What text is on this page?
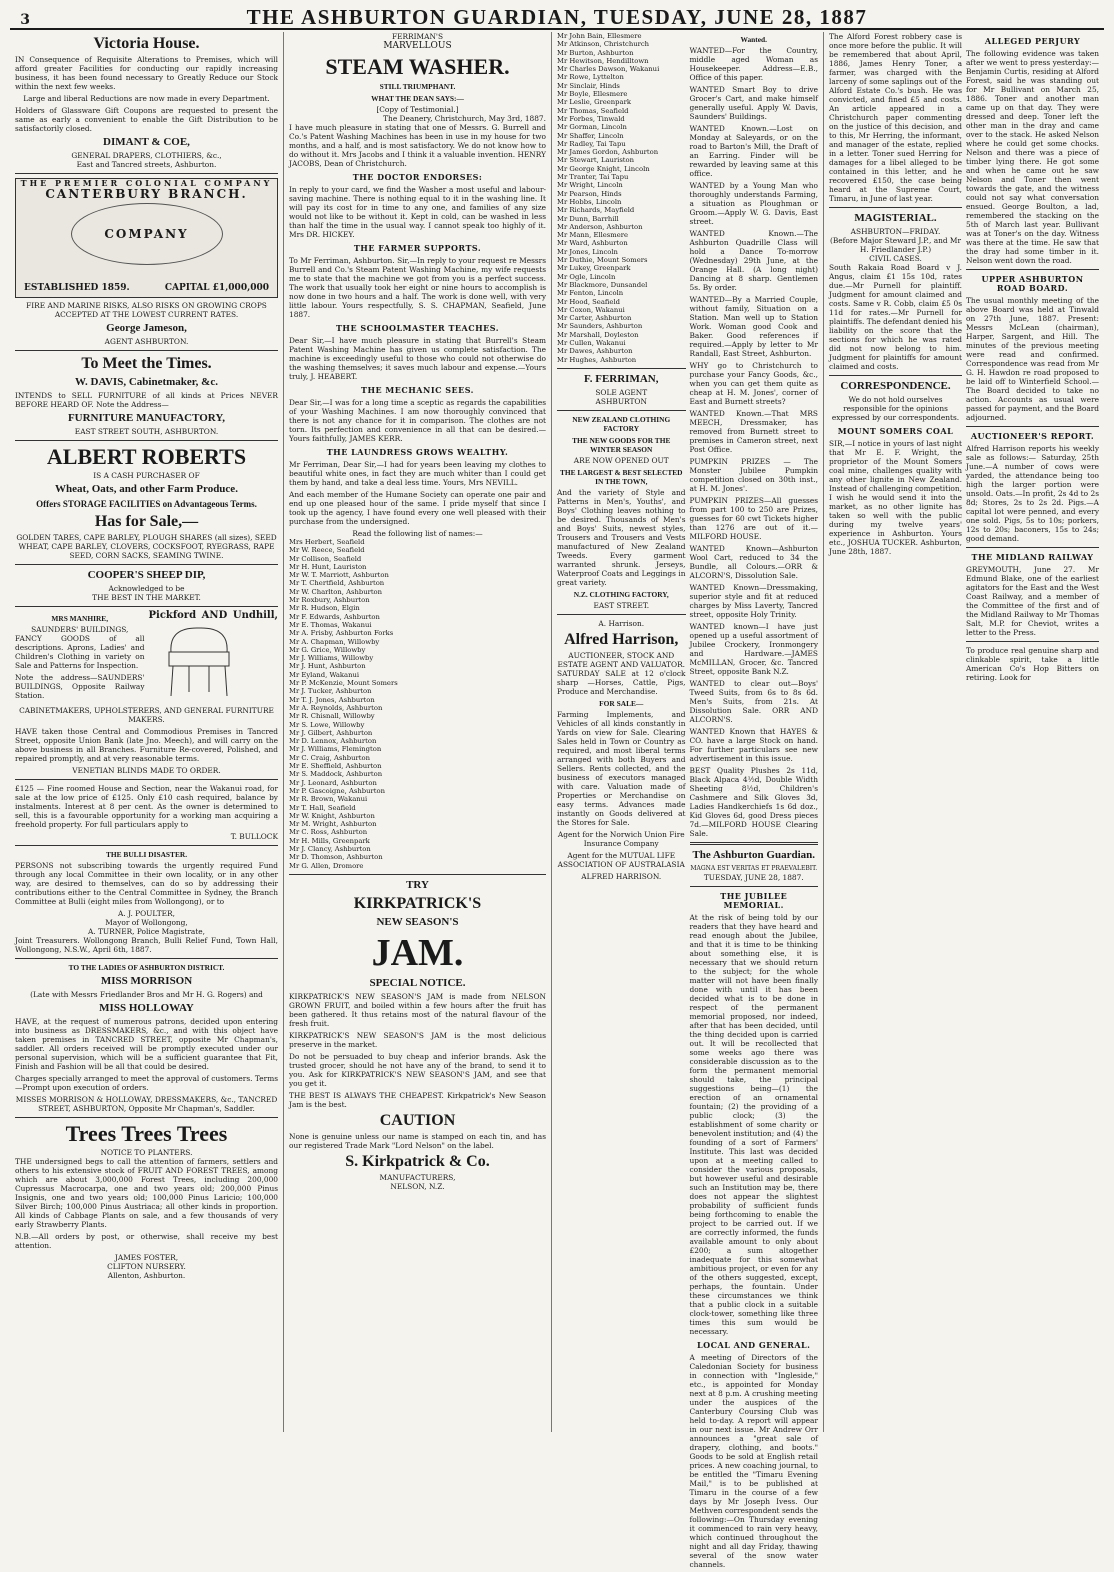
3	THE ASHBURTON GUARDIAN, TUESDAY, JUNE 28, 1887
Victoria House.

IN Consequence of Requisite Alterations to Premises, which will afford greater Facilities for conducting our rapidly increasing business, it has been found necessary to Greatly Reduce our Stock within the next few weeks.

Large and liberal Reductions are now made in every Department.

Holders of Glassware Gift Coupons are requested to present the same as early a convenient to enable the Gift Distribution to be satisfactorily closed.

DIMANT & COE,
GENERAL DRAPERS, CLOTHIERS, &c.,
East and Tancred streets, Ashburton.
THE PREMIER COLONIAL COMPANY
CANTERBURY BRANCH.
COMPANY
ESTABLISHED 1859.	CAPITAL £1,000,000

FIRE AND MARINE RISKS, ALSO RISKS ON GROWING CROPS ACCEPTED AT THE LOWEST CURRENT RATES.

George Jameson,
AGENT ASHBURTON.
To Meet the Times.
W. DAVIS, Cabinetmaker, &c.

INTENDS to SELL FURNITURE of all kinds at Prices NEVER BEFORE HEARD OF. Note the Address—

FURNITURE MANUFACTORY,
EAST STREET SOUTH, ASHBURTON.
ALBERT ROBERTS
IS A CASH PURCHASER OF
Wheat, Oats, and other Farm Produce.
Offers STORAGE FACILITIES on Advantageous Terms.
Has for Sale,—

GOLDEN TARES, CAPE BARLEY, PLOUGH SHARES (all sizes), SEED WHEAT, CAPE BARLEY, CLOVERS, COCKSFOOT, RYEGRASS, RAPE SEED, CORN SACKS, SEAMING TWINE.

COOPER'S SHEEP DIP,
Acknowledged to be
THE BEST IN THE MARKET.
MRS MANHIRE,
SAUNDERS' BUILDINGS,

FANCY GOODS of all descriptions. Aprons, Ladies' and Children's Clothing in variety on Sale and Patterns for Inspection.

Note the address—SAUNDERS' BUILDINGS, Opposite Railway Station.

Pickford AND Undhill,

CABINETMAKERS, UPHOLSTERERS, AND GENERAL FURNITURE MAKERS.

HAVE taken those Central and Commodious Premises in Tancred Street, opposite Union Bank (late Jno. Meech), and will carry on the above business in all Branches. Furniture Re-covered, Polished, and repaired promptly, and at very reasonable terms.

VENETIAN BLINDS MADE TO ORDER.

£125 — Fine roomed House and Section, near the Wakanui road, for sale at the low price of £125. Only £10 cash required, balance by instalments. Interest at 8 per cent. As the owner is determined to sell, this is a favourable opportunity for a working man acquiring a freehold property. For full particulars apply to

T. BULLOCK
THE BULLI DISASTER.

PERSONS not subscribing towards the urgently required Fund through any local Committee in their own locality, or in any other way, are desired to themselves, can do so by addressing their contributions either to the Central Committee in Sydney, the Branch Committee at Bulli (eight miles from Wollongong), or to

A. J. POULTER,
Mayor of Wollongong,
A. TURNER, Police Magistrate,

Joint Treasurers. Wollongong Branch, Bulli Relief Fund, Town Hall, Wollongong, N.S.W., April 6th, 1887.

TO THE LADIES OF ASHBURTON DISTRICT.
MISS MORRISON
(Late with Messrs Friedlander Bros and Mr H. G. Rogers) and
MISS HOLLOWAY

HAVE, at the request of numerous patrons, decided upon entering into business as DRESSMAKERS, &c., and with this object have taken premises in TANCRED STREET, opposite Mr Chapman's, saddler. All orders received will be promptly executed under our personal supervision, which will be a sufficient guarantee that Fit, Finish and Fashion will be all that could be desired.

Charges specially arranged to meet the approval of customers. Terms—Prompt upon execution of orders.

MISSES MORRISON & HOLLOWAY, DRESSMAKERS, &c., TANCRED STREET, ASHBURTON, Opposite Mr Chapman's, Saddler.

Trees Trees Trees
NOTICE TO PLANTERS.

THE undersigned begs to call the attention of farmers, settlers and others to his extensive stock of FRUIT AND FOREST TREES, among which are about 3,000,000 Forest Trees, including 200,000 Cupressus Macrocarpa, one and two years old; 200,000 Pinus Insignis, one and two years old; 100,000 Pinus Laricio; 100,000 Silver Birch; 100,000 Pinus Austriaca; all other kinds in proportion. All kinds of Cabbage Plants on sale, and a few thousands of very early Strawberry Plants.

N.B.—All orders by post, or otherwise, shall receive my best attention.

JAMES FOSTER,
CLIFTON NURSERY.
Allenton, Ashburton.
FERRIMAN'S
MARVELLOUS
STEAM WASHER.
STILL TRIUMPHANT.
WHAT THE DEAN SAYS:—
[Copy of Testimonial.]
The Deanery, Christchurch, May 3rd, 1887.

I have much pleasure in stating that one of Messrs. G. Burrell and Co.'s Patent Washing Machines has been in use in my house for two months, and a half, and is most satisfactory. We do not know how to do without it. Mrs Jacobs and I think it a valuable invention. HENRY JACOBS, Dean of Christchurch.

THE DOCTOR ENDORSES:

In reply to your card, we find the Washer a most useful and labour-saving machine. There is nothing equal to it in the washing line. It will pay its cost for in time to any one, and families of any size would not like to be without it. Kept in cold, can be washed in less than half the time in the usual way. I cannot speak too highly of it. Mrs DR. HICKEY.

THE FARMER SUPPORTS.

To Mr Ferriman, Ashburton. Sir,—In reply to your request re Messrs Burrell and Co.'s Steam Patent Washing Machine, my wife requests me to state that the machine we got from you is a perfect success. The work that usually took her eight or nine hours to accomplish is now done in two hours and a half. The work is done well, with very little labour. Yours respectfully, S. S. CHAPMAN, Seafield, June 1887.

THE SCHOOLMASTER TEACHES.

Dear Sir,—I have much pleasure in stating that Burrell's Steam Patent Washing Machine has given us complete satisfaction. The machine is exceedingly useful to those who could not otherwise do the washing themselves; it saves much labour and expense.—Yours truly, J. HEABERT.

THE MECHANIC SEES.

Dear Sir,—I was for a long time a sceptic as regards the capabilities of your Washing Machines. I am now thoroughly convinced that there is not any chance for it in comparison. The clothes are not torn. Its perfection and convenience in all that can be desired.—Yours faithfully, JAMES KERR.

THE LAUNDRESS GROWS WEALTHY.

Mr Ferriman, Dear Sir,—I had for years been leaving my clothes to beautiful white ones, in fact they are much whiter than I could get them by hand, and take a deal less time. Yours, Mrs NEVILL.

And each member of the Humane Society can operate one pair and end up one pleased hour of the same. I pride myself that since I took up the agency, I have found every one well pleased with their purchase from the undersigned.

Read the following list of names:—
Mrs Herbert, Seafield
Mr W. Reece, Seafield
Mr Collison, Seafield
Mr H. Hunt, Lauriston
Mr W. T. Marriott, Ashburton
Mr T. Chertfield, Ashburton
Mr W. Charlton, Ashburton
Mr Roxbury, Ashburton
Mr R. Hudson, Elgin
Mr F. Edwards, Ashburton
Mr E. Thomas, Wakanui
Mr A. Frisby, Ashburton Forks
Mr A. Chapman, Willowby
Mr G. Grice, Willowby
Mr J. Williams, Willowby
Mr J. Hunt, Ashburton
Mr Eyland, Wakanui
Mr P. McKenzie, Mount Somers
Mr J. Tucker, Ashburton
Mr T. J. Jones, Ashburton
Mr A. Reynolds, Ashburton
Mr R. Chisnall, Willowby
Mr S. Lowe, Willowby
Mr J. Gilbert, Ashburton
Mr D. Lennox, Ashburton
Mr J. Williams, Flemington
Mr C. Craig, Ashburton
Mr E. Sheffield, Ashburton
Mr S. Maddock, Ashburton
Mr J. Leonard, Ashburton
Mr P. Gascoigne, Ashburton
Mr R. Brown, Wakanui
Mr T. Hall, Seafield
Mr W. Knight, Ashburton
Mr M. Wright, Ashburton
Mr C. Ross, Ashburton
Mr H. Mills, Greenpark
Mr J. Clancy, Ashburton
Mr D. Thomson, Ashburton
Mr G. Allen, Dromore
TRY
KIRKPATRICK'S
NEW SEASON'S
JAM.
SPECIAL NOTICE.

KIRKPATRICK'S NEW SEASON'S JAM is made from NELSON GROWN FRUIT, and boiled within a few hours after the fruit has been gathered. It thus retains most of the natural flavour of the fresh fruit.

KIRKPATRICK'S NEW SEASON'S JAM is the most delicious preserve in the market.

Do not be persuaded to buy cheap and inferior brands. Ask the trusted grocer, should he not have any of the brand, to send it to you. Ask for KIRKPATRICK'S NEW SEASON'S JAM, and see that you get it.

THE BEST IS ALWAYS THE CHEAPEST. Kirkpatrick's New Season Jam is the best.

CAUTION

None is genuine unless our name is stamped on each tin, and has our registered Trade Mark "Lord Nelson" on the label.

S. Kirkpatrick & Co.
MANUFACTURERS,
NELSON, N.Z.
Mr John Bain, Ellesmere
Mr Atkinson, Christchurch
Mr Burton, Ashburton
Mr Hewitson, Hendilltown
Mr Charles Dawson, Wakanui
Mr Rowe, Lyttelton
Mr Sinclair, Hinds
Mr Boyle, Ellesmere
Mr Leslie, Greenpark
Mr Thomas, Seafield
Mr Forbes, Tinwald
Mr Gorman, Lincoln
Mr Shaffer, Lincoln
Mr Radley, Tai Tapu
Mr James Gordon, Ashburton
Mr Stewart, Lauriston
Mr George Knight, Lincoln
Mr Tranter, Tai Tapu
Mr Wright, Lincoln
Mr Pearson, Hinds
Mr Hobbs, Lincoln
Mr Richards, Mayfield
Mr Dunn, Barrhill
Mr Anderson, Ashburton
Mr Mann, Ellesmere
Mr Ward, Ashburton
Mr Jones, Lincoln
Mr Duthie, Mount Somers
Mr Lukey, Greenpark
Mr Ogle, Lincoln
Mr Blackmore, Dunsandel
Mr Fenton, Lincoln
Mr Hood, Seafield
Mr Coxon, Wakanui
Mr Carter, Ashburton
Mr Saunders, Ashburton
Mr Marshall, Doyleston
Mr Cullen, Wakanui
Mr Dawes, Ashburton
Mr Hughes, Ashburton
F. FERRIMAN,
SOLE AGENT
ASHBURTON
NEW ZEALAND CLOTHING FACTORY
THE NEW GOODS FOR THE WINTER SEASON
ARE NOW OPENED OUT
THE LARGEST & BEST SELECTED IN THE TOWN,

And the variety of Style and Patterns in Men's, Youths', and Boys' Clothing leaves nothing to be desired. Thousands of Men's and Boys' Suits, newest styles, Trousers and Trousers and Vests manufactured of New Zealand Tweeds. Every garment warranted shrunk. Jerseys, Waterproof Coats and Leggings in great variety.

N.Z. CLOTHING FACTORY,
EAST STREET.
A. Harrison.
Alfred Harrison,
AUCTIONEER, STOCK AND ESTATE AGENT AND VALUATOR.

SATURDAY SALE at 12 o'clock sharp —Horses, Cattle, Pigs, Produce and Merchandise.

FOR SALE—

Farming Implements, and Vehicles of all kinds constantly in Yards on view for Sale. Clearing Sales held in Town or Country as required, and most liberal terms arranged with both Buyers and Sellers. Rents collected, and the business of executors managed with care. Valuation made of Properties or Merchandise on easy terms. Advances made instantly on Goods delivered at the Stores for Sale.

Agent for the Norwich Union Fire Insurance Company

Agent for the MUTUAL LIFE ASSOCIATION OF AUSTRALASIA

ALFRED HARRISON.
Wanted.

WANTED—For the Country, middle aged Woman as Housekeeper. Address—E.B., Office of this paper.

WANTED Smart Boy to drive Grocer's Cart, and make himself generally useful. Apply W. Davis, Saunders' Buildings.

WANTED Known.—Lost on Monday at Saleyards, or on the road to Barton's Mill, the Draft of an Earring. Finder will be rewarded by leaving same at this office.

WANTED by a Young Man who thoroughly understands Farming, a situation as Ploughman or Groom.—Apply W. G. Davis, East street.

WANTED Known.—The Ashburton Quadrille Class will hold a Dance To-morrow (Wednesday) 29th June, at the Orange Hall. (A long night) Dancing at 8 sharp. Gentlemen 5s. By order.

WANTED—By a Married Couple, without family, Situation on a Station. Man well up to Station Work. Woman good Cook and Baker. Good references if required.—Apply by letter to Mr Randall, East Street, Ashburton.

WHY go to Christchurch to purchase your Fancy Goods, &c., when you can get them quite as cheap at H. M. Jones', corner of East and Burnett streets?

WANTED Known.—That MRS MEECH, Dressmaker, has removed from Burnett street to premises in Cameron street, next Post Office.

PUMPKIN PRIZES — The Monster Jubilee Pumpkin competition closed on 30th inst., at H. M. Jones'.

PUMPKIN PRIZES—All guesses from part 100 to 250 are Prizes, guesses for 60 cwt Tickets higher than 1276 are out of it.—MILFORD HOUSE.

WANTED Known—Ashburton Wool Cart, reduced to 34 the Bundle, all Colours.—ORR & ALCORN'S, Dissolution Sale.

WANTED Known—Dressmaking, superior style and fit at reduced charges by Miss Laverty, Tancred street, opposite Holy Trinity.

WANTED known—I have just opened up a useful assortment of Jubilee Crockery, Ironmongery and Hardware.—JAMES McMILLAN, Grocer, &c. Tancred Street, opposite Bank N.Z.

WANTED to clear out—Boys' Tweed Suits, from 6s to 8s 6d. Men's Suits, from 21s. At Dissolution Sale. ORR AND ALCORN'S.

WANTED Known that HAYES & CO. have a large Stock on hand. For further particulars see new advertisement in this issue.

BEST Quality Plushes 2s 11d, Black Alpaca 4½d, Double Width Sheeting 8½d, Children's Cashmere and Silk Gloves 3d, Ladies Handkerchiefs 1s 6d doz., Kid Gloves 6d, good Dress pieces 7d.—MILFORD HOUSE Clearing Sale.

The Ashburton Guardian.
MAGNA EST VERITAS ET PRAEVALEBIT.
TUESDAY, JUNE 28, 1887.
THE JUBILEE MEMORIAL.

At the risk of being told by our readers that they have heard and read enough about the Jubilee, and that it is time to be thinking about something else, it is necessary that we should return to the subject; for the whole matter will not have been finally done with until it has been decided what is to be done in respect of the permanent memorial proposed, nor indeed, after that has been decided, until the thing decided upon is carried out. It will be recollected that some weeks ago there was considerable discussion as to the form the permanent memorial should take, the principal suggestions being—(1) the erection of an ornamental fountain; (2) the providing of a public clock; (3) the establishment of some charity or benevolent institution; and (4) the founding of a sort of Farmers' Institute. This last was decided upon at a meeting called to consider the various proposals, but however useful and desirable such an Institution may be, there does not appear the slightest probability of sufficient funds being forthcoming to enable the project to be carried out. If we are correctly informed, the funds available amount to only about £200; a sum altogether inadequate for this somewhat ambitious project, or even for any of the others suggested, except, perhaps, the fountain. Under these circumstances we think that a public clock in a suitable clock-tower, something like three times this sum would be necessary.

LOCAL AND GENERAL.

A meeting of Directors of the Caledonian Society for business in connection with "Ingleside," etc., is appointed for Monday next at 8 p.m. A crushing meeting under the auspices of the Canterbury Coursing Club was held to-day. A report will appear in our next issue. Mr Andrew Orr announces a "great sale of drapery, clothing, and boots." Goods to be sold at English retail prices. A new coaching journal, to be entitled the "Timaru Evening Mail," is to be published at Timaru in the course of a few days by Mr Joseph Ivess. Our Methven correspondent sends the following:—On Thursday evening it commenced to rain very heavy, which continued throughout the night and all day Friday, thawing several of the snow water channels.

The Alford Forest robbery case is once more before the public. It will be remembered that about April, 1886, James Henry Toner, a farmer, was charged with the larceny of some saplings out of the Alford Estate Co.'s bush. He was convicted, and fined £5 and costs. An article appeared in a Christchurch paper commenting on the justice of this decision, and to this, Mr Herring, the informant, and manager of the estate, replied in a letter. Toner sued Herring for damages for a libel alleged to be contained in this letter, and he recovered £150, the case being heard at the Supreme Court, Timaru, in June of last year.

MAGISTERIAL.
ASHBURTON—FRIDAY.
(Before Major Steward J.P., and Mr H. Friedlander J.P.)
CIVIL CASES.

South Rakaia Road Board v J. Angus, claim £1 15s 10d, rates due.—Mr Purnell for plaintiff. Judgment for amount claimed and costs. Same v R. Cobb, claim £5 0s 11d for rates.—Mr Purnell for plaintiffs. The defendant denied his liability on the score that the sections for which he was rated did not now belong to him. Judgment for plaintiffs for amount claimed and costs.

CORRESPONDENCE.

We do not hold ourselves responsible for the opinions expressed by our correspondents.

MOUNT SOMERS COAL

SIR,—I notice in yours of last night that Mr E. F. Wright, the proprietor of the Mount Somers coal mine, challenges quality with any other lignite in New Zealand. Instead of challenging competition, I wish he would send it into the market, as no other lignite has taken so well with the public during my twelve years' experience in Ashburton. Yours etc., JOSHUA TUCKER. Ashburton, June 28th, 1887.

ALLEGED PERJURY

The following evidence was taken after we went to press yesterday:— Benjamin Curtis, residing at Alford Forest, said he was standing out for Mr Bullivant on March 25, 1886. Toner and another man came up on that day. They were dressed and deep. Toner left the other man in the dray and came over to the stack. He asked Nelson where he could get some chocks. Nelson and there was a piece of timber lying there. He got some and when he came out he saw Nelson and Toner then went towards the gate, and the witness could not say what conversation ensued. George Boulton, a lad, remembered the stacking on the 5th of March last year. Bullivant was at Toner's on the day. Witness was there at the time. He saw that the dray had some timber in it. Nelson went down the road.

UPPER ASHBURTON ROAD BOARD.

The usual monthly meeting of the above Board was held at Tinwald on 27th June, 1887. Present: Messrs McLean (chairman), Harper, Sargent, and Hill. The minutes of the previous meeting were read and confirmed. Correspondence was read from Mr G. H. Hawdon re road proposed to be laid off to Winterfield School.—The Board decided to take no action. Accounts as usual were passed for payment, and the Board adjourned.

AUCTIONEER'S REPORT.

Alfred Harrison reports his weekly sale as follows:— Saturday, 25th June.—A number of cows were yarded, the attendance being too high the larger portion were unsold. Oats.—In profit, 2s 4d to 2s 8d; Stores, 2s to 2s 2d. Pigs.—A capital lot were penned, and every one sold. Pigs, 5s to 10s; porkers, 12s to 20s; baconers, 15s to 24s; good demand.

THE MIDLAND RAILWAY

GREYMOUTH, June 27. Mr Edmund Blake, one of the earliest agitators for the East and the West Coast Railway, and a member of the Committee of the first and of the Midland Railway to Mr Thomas Salt, M.P. for Cheviot, writes a letter to the Press.

To produce real genuine sharp and clinkable spirit, take a little American Co's Hop Bitters on retiring. Look for
